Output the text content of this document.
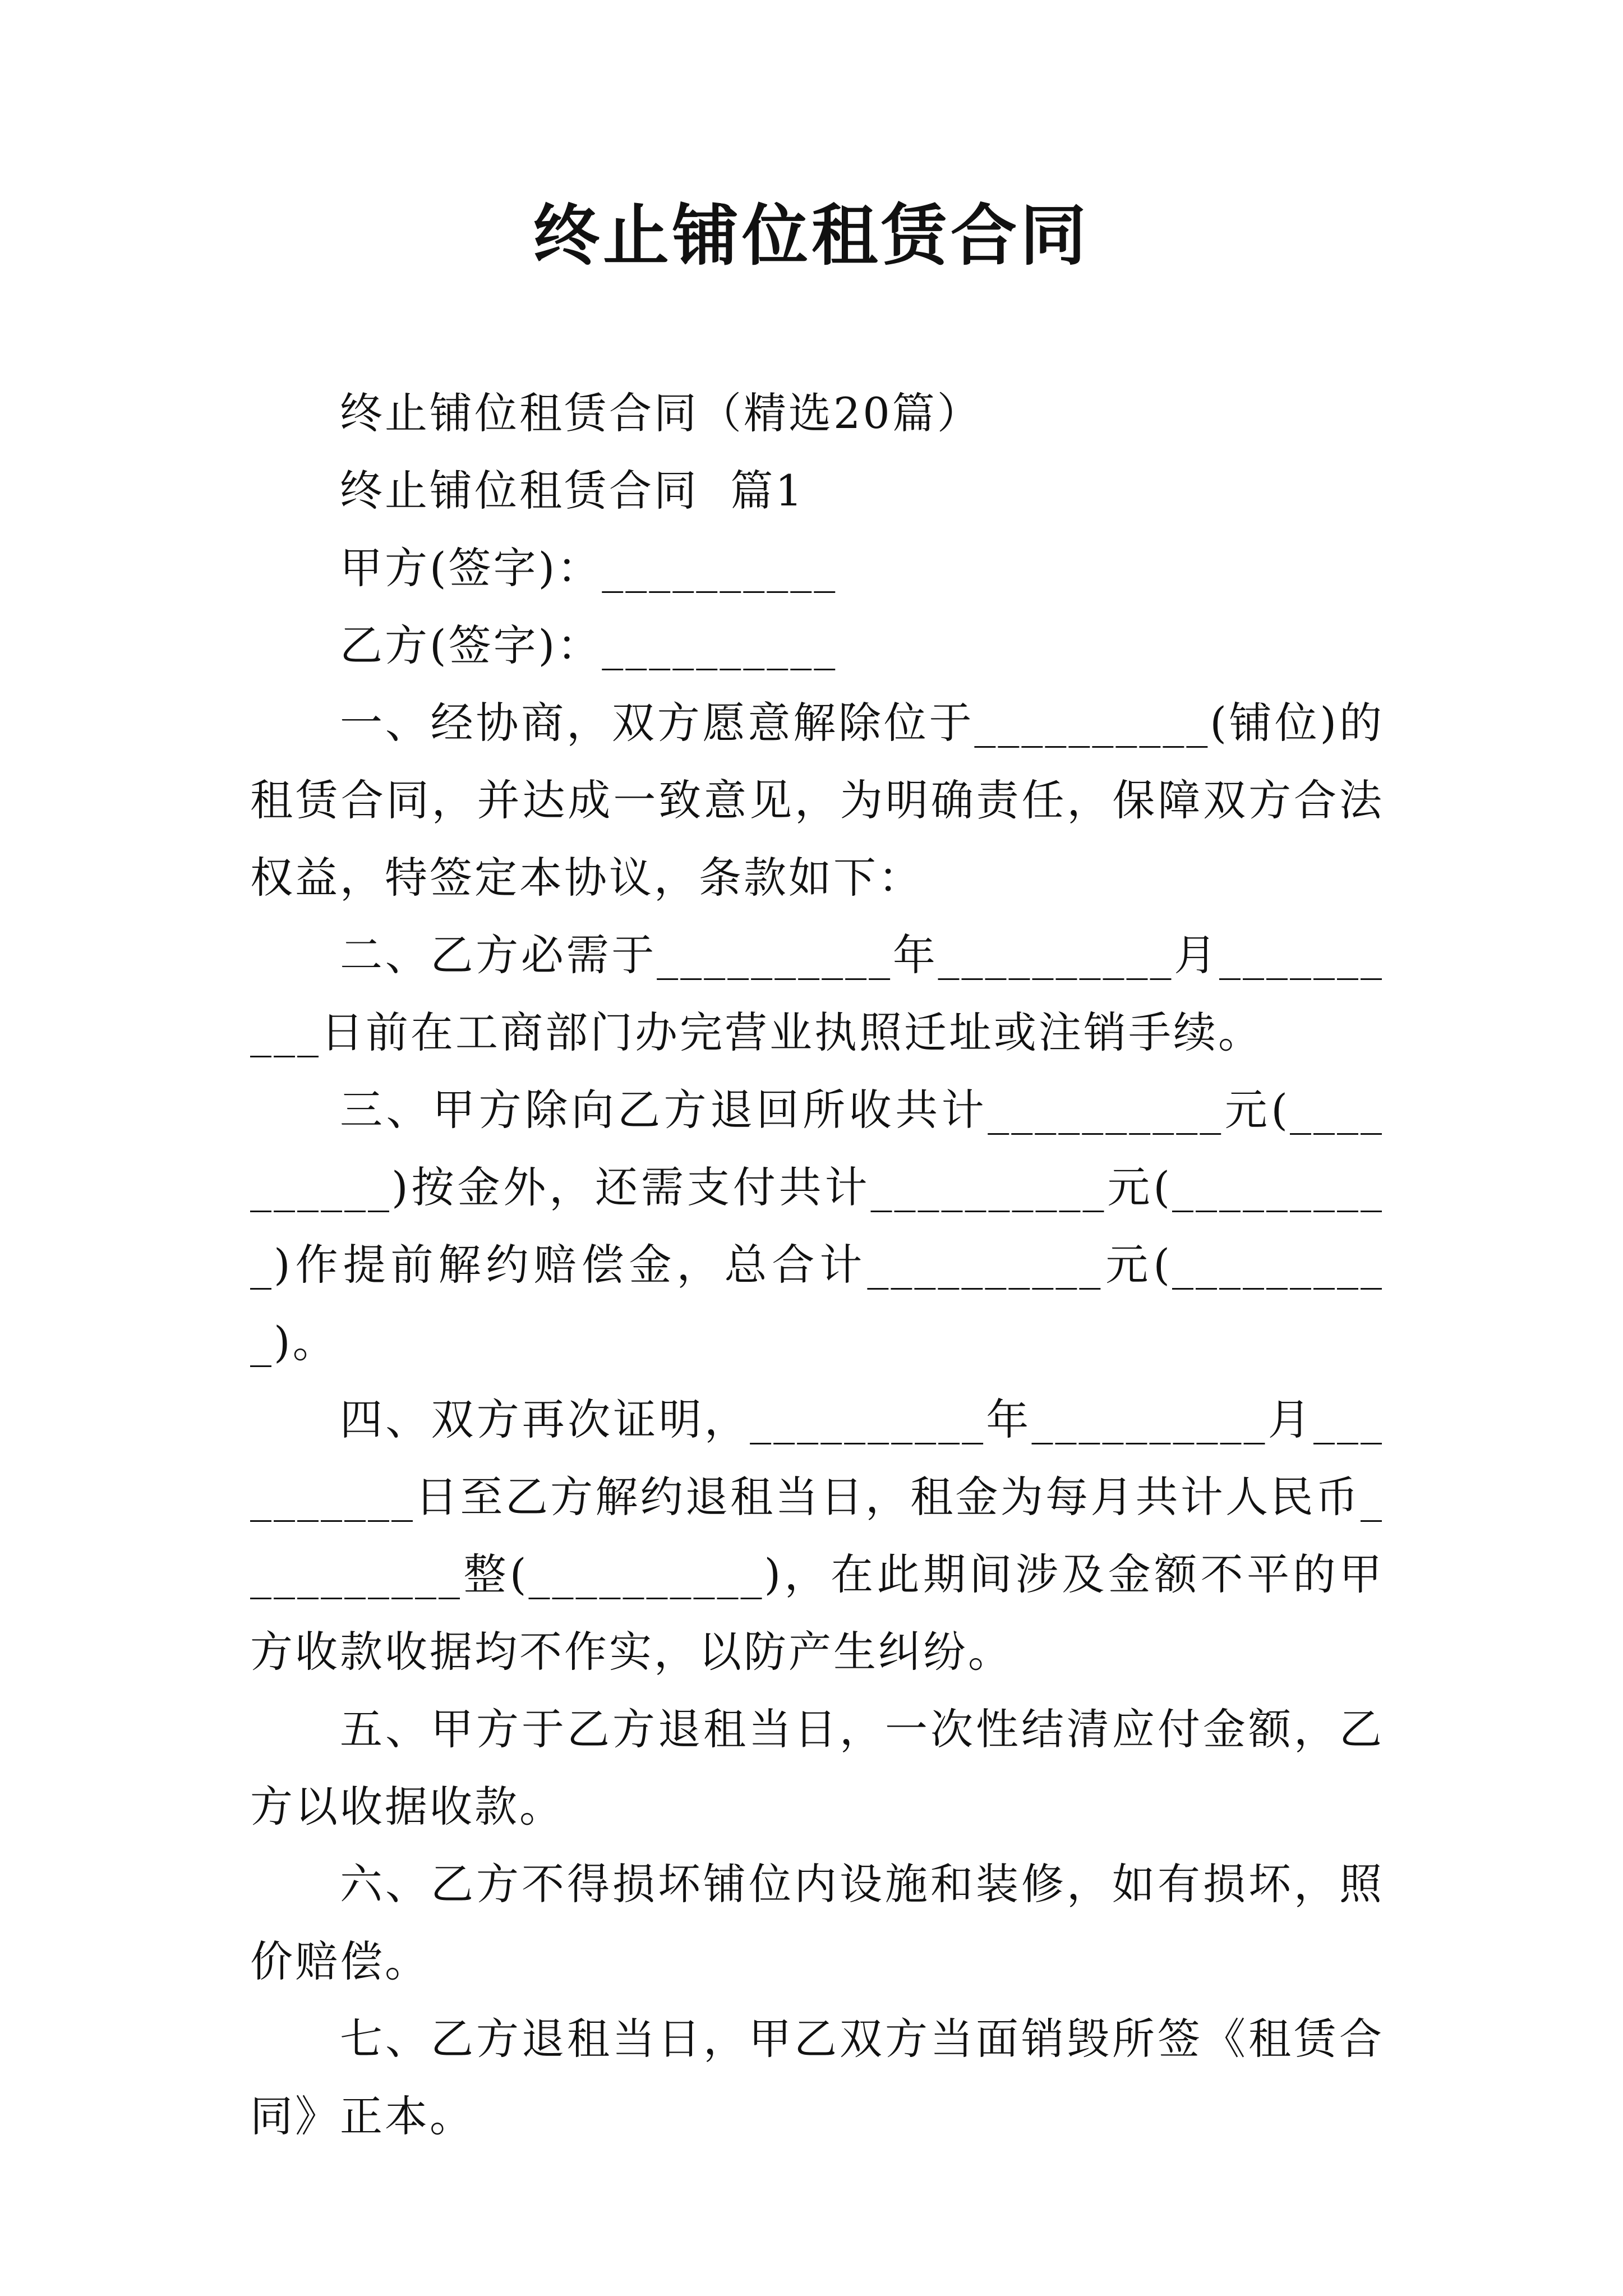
终止铺位租赁合同

终止铺位租赁合同（精选20篇）

终止铺位租赁合同  篇1

甲方(签字)：__________

乙方(签字)：__________

一、经协商，双方愿意解除位于__________(铺位)的租赁合同，并达成一致意见，为明确责任，保障双方合法权益，特签定本协议，条款如下：

二、乙方必需于__________年__________月__________日前在工商部门办完营业执照迁址或注销手续。

三、甲方除向乙方退回所收共计__________元(__________)按金外，还需支付共计__________元(__________)作提前解约赔偿金，总合计__________元(__________)。

四、双方再次证明，__________年__________月__________日至乙方解约退租当日，租金为每月共计人民币__________整(__________)，在此期间涉及金额不平的甲方收款收据均不作实，以防产生纠纷。

五、甲方于乙方退租当日，一次性结清应付金额，乙方以收据收款。

六、乙方不得损坏铺位内设施和装修，如有损坏，照价赔偿。

七、乙方退租当日，甲乙双方当面销毁所签《租赁合同》正本。
